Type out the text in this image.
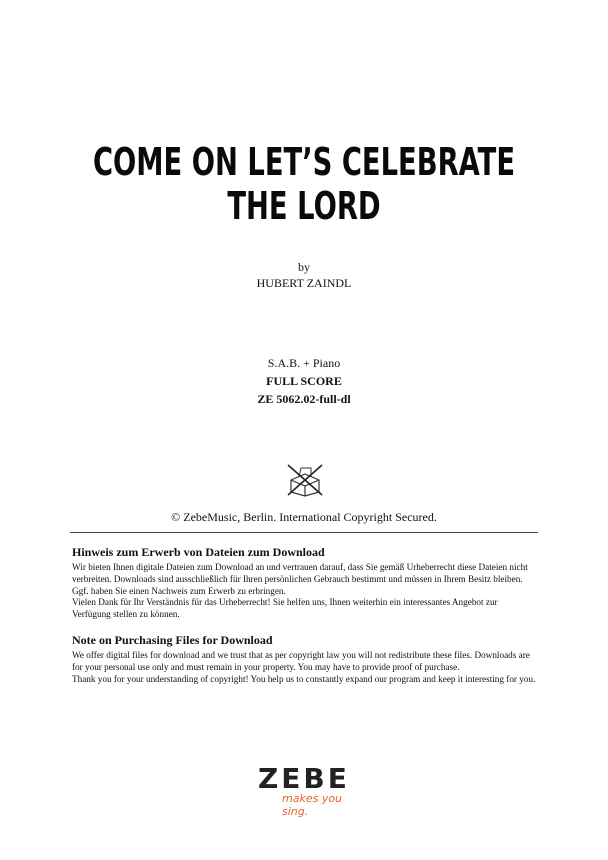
COME ON LET’S CELEBRATE THE LORD
by
HUBERT ZAINDL
S.A.B. + Piano
FULL SCORE
ZE 5062.02-full-dl
© ZebeMusic, Berlin. International Copyright Secured.
Hinweis zum Erwerb von Dateien zum Download

Wir bieten Ihnen digitale Dateien zum Download an und vertrauen darauf, dass Sie gemäß Urheberrecht diese Dateien nicht

verbreiten. Downloads sind ausschließlich für Ihren persönlichen Gebrauch bestimmt und müssen in Ihrem Besitz bleiben.

Ggf. haben Sie einen Nachweis zum Erwerb zu erbringen.

Vielen Dank für Ihr Verständnis für das Urheberrecht! Sie helfen uns, Ihnen weiterhin ein interessantes Angebot zur

Verfügung stellen zu können.

Note on Purchasing Files for Download

We offer digital files for download and we trust that as per copyright law you will not redistribute these files. Downloads are

for your personal use only and must remain in your property. You may have to provide proof of purchase.

Thank you for your understanding of copyright! You help us to constantly expand our program and keep it interesting for you.

ZEBE
makes you sing.
